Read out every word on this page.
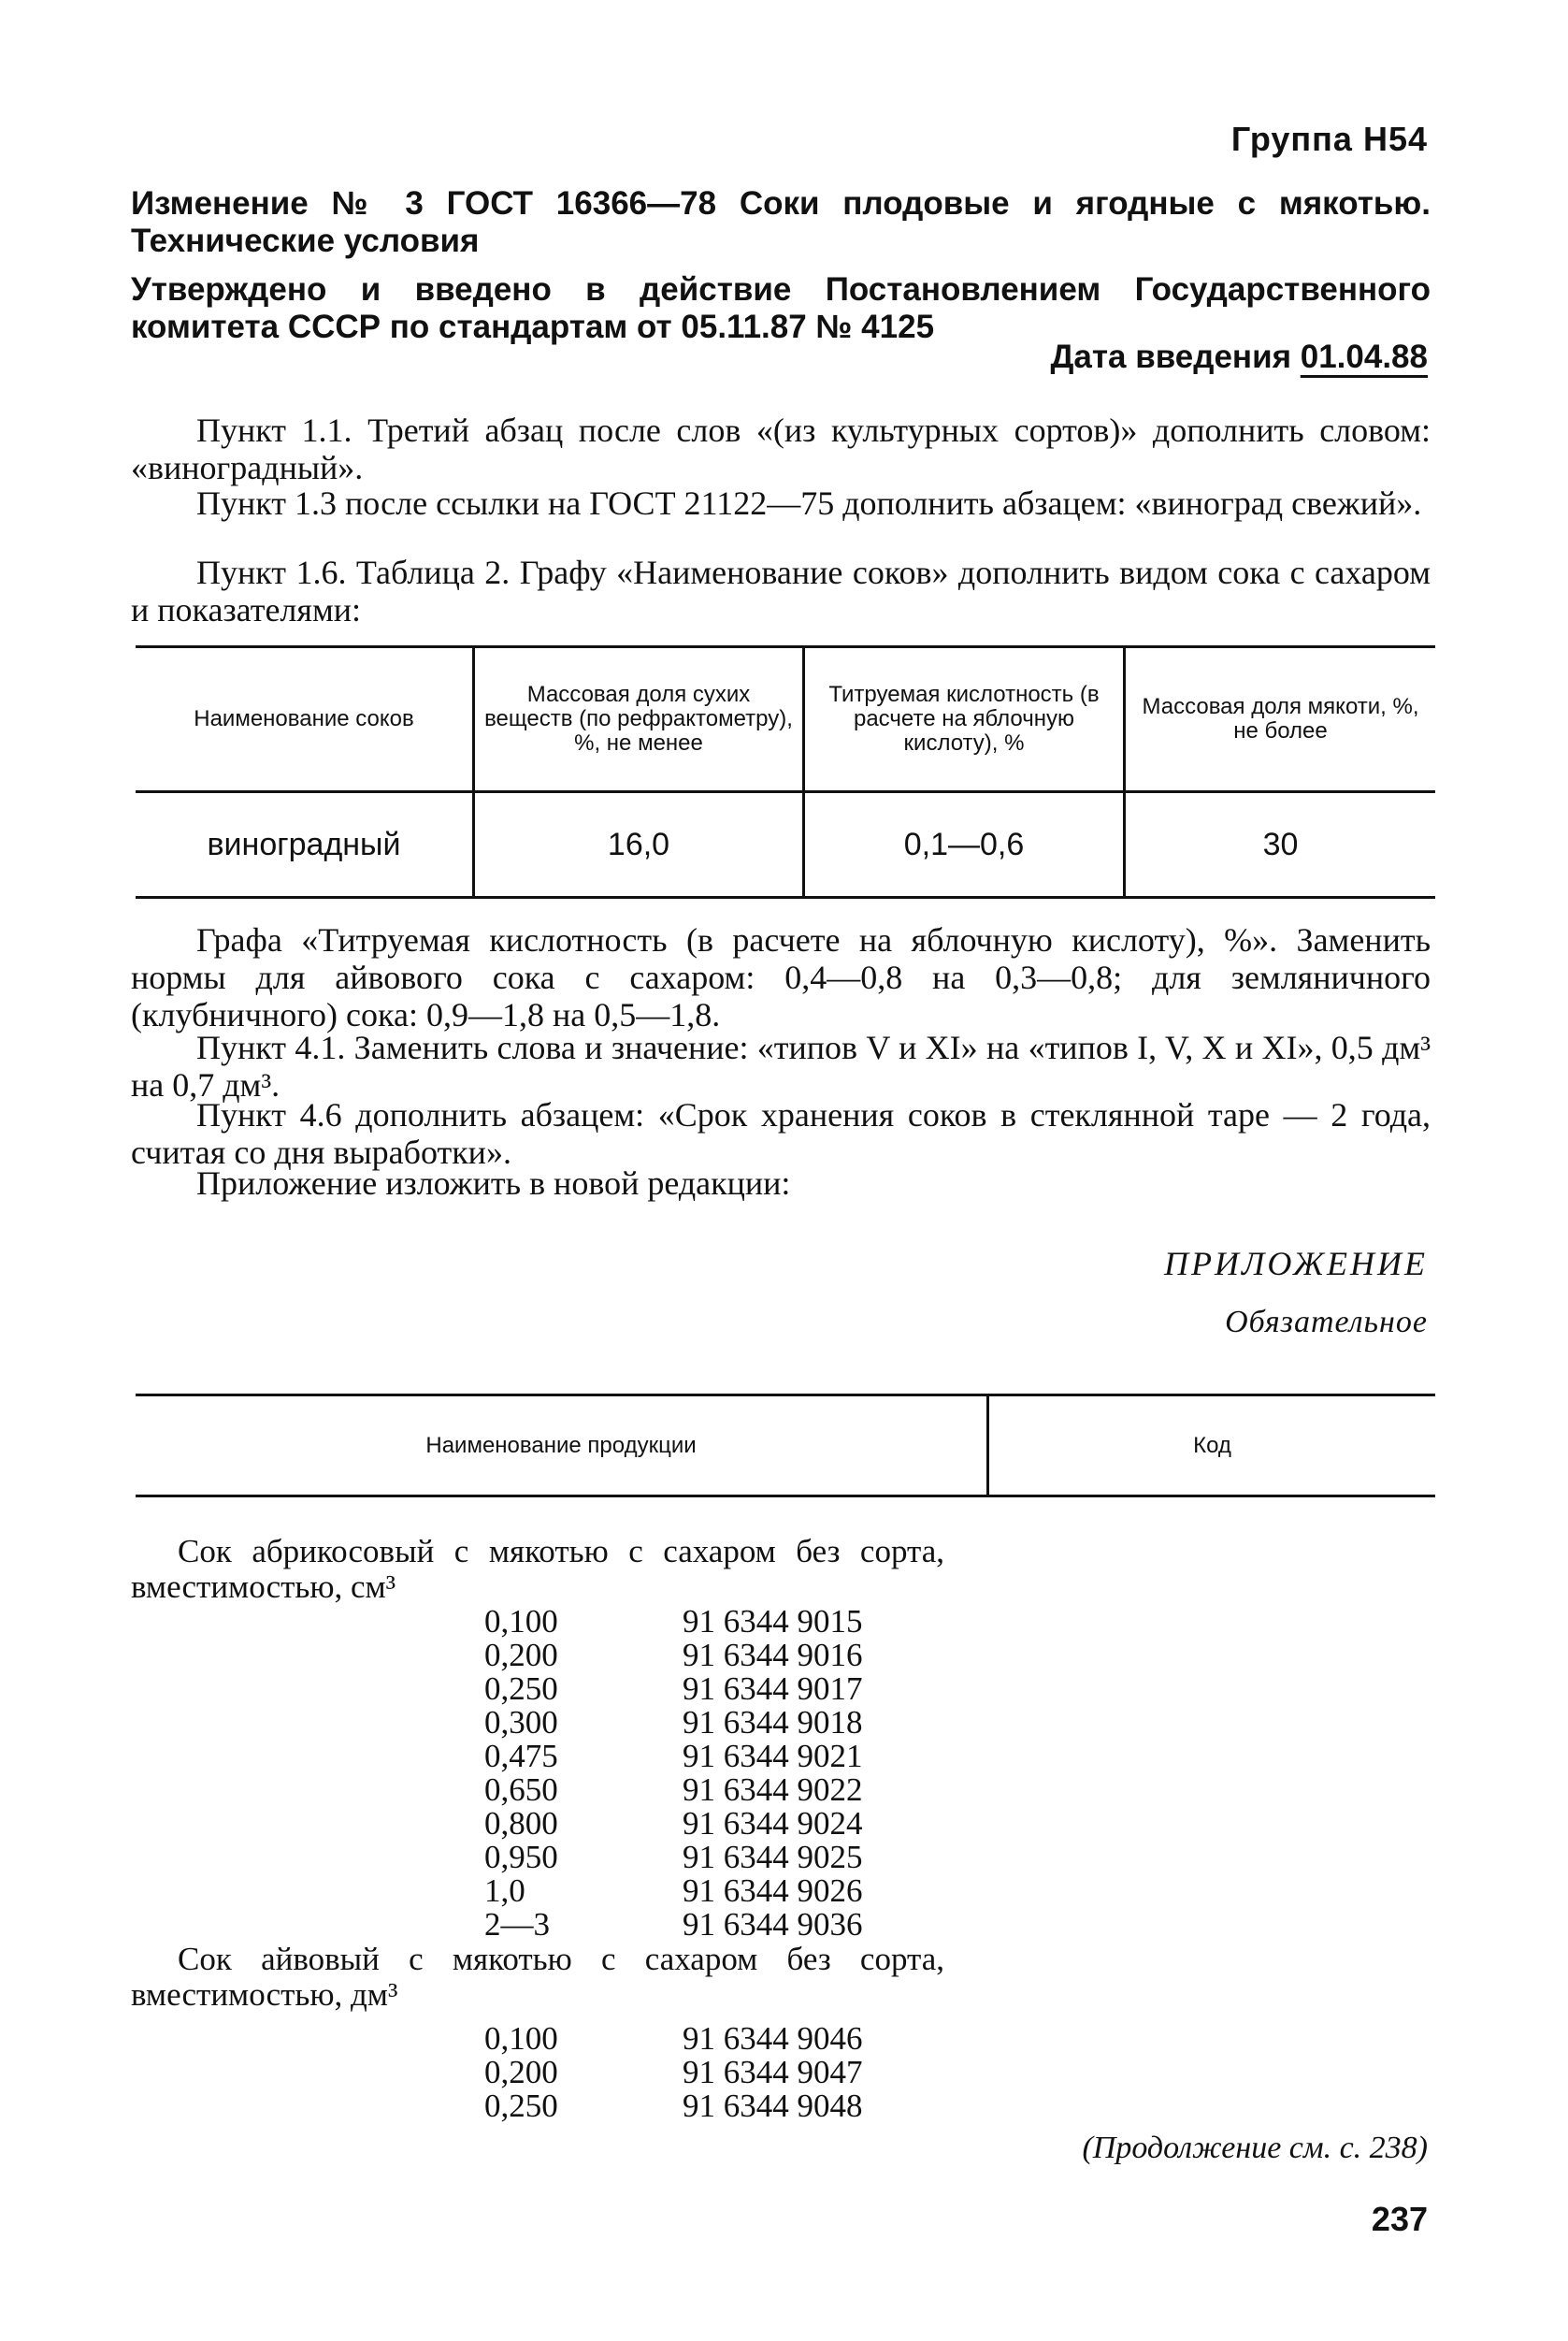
Группа Н54
Изменение № 3 ГОСТ 16366—78 Соки плодовые и ягодные с мякотью. Технические условия
Утверждено и введено в действие Постановлением Государственного комитета СССР по стандартам от 05.11.87 № 4125
Дата введения 01.04.88
Пункт 1.1. Третий абзац после слов «(из культурных сортов)» дополнить словом: «виноградный».
Пункт 1.3 после ссылки на ГОСТ 21122—75 дополнить абзацем: «виноград свежий».
Пункт 1.6. Таблица 2. Графу «Наименование соков» дополнить видом сока с сахаром и показателями:
Наименование соков	Массовая доля сухих веществ (по рефрактометру), %, не менее	Титруемая кислотность (в расчете на яблочную кислоту), %	Массовая доля мякоти, %, не более
виноградный	16,0	0,1—0,6	30
Графа «Титруемая кислотность (в расчете на яблочную кислоту), %». Заменить нормы для айвового сока с сахаром: 0,4—0,8 на 0,3—0,8; для земляничного (клубничного) сока: 0,9—1,8 на 0,5—1,8.
Пункт 4.1. Заменить слова и значение: «типов V и XI» на «типов I, V, X и XI», 0,5 дм³ на 0,7 дм³.
Пункт 4.6 дополнить абзацем: «Срок хранения соков в стеклянной таре — 2 года, считая со дня выработки».
Приложение изложить в новой редакции:
ПРИЛОЖЕНИЕ
Обязательное
Наименование продукции	Код
Сок абрикосовый с мякотью с сахаром без сорта, вместимостью, см³
0,100	91 6344 9015
0,200	91 6344 9016
0,250	91 6344 9017
0,300	91 6344 9018
0,475	91 6344 9021
0,650	91 6344 9022
0,800	91 6344 9024
0,950	91 6344 9025
1,0	91 6344 9026
2—3	91 6344 9036
Сок айвовый с мякотью с сахаром без сорта, вместимостью, дм³
0,100	91 6344 9046
0,200	91 6344 9047
0,250	91 6344 9048
(Продолжение см. с. 238)
237
